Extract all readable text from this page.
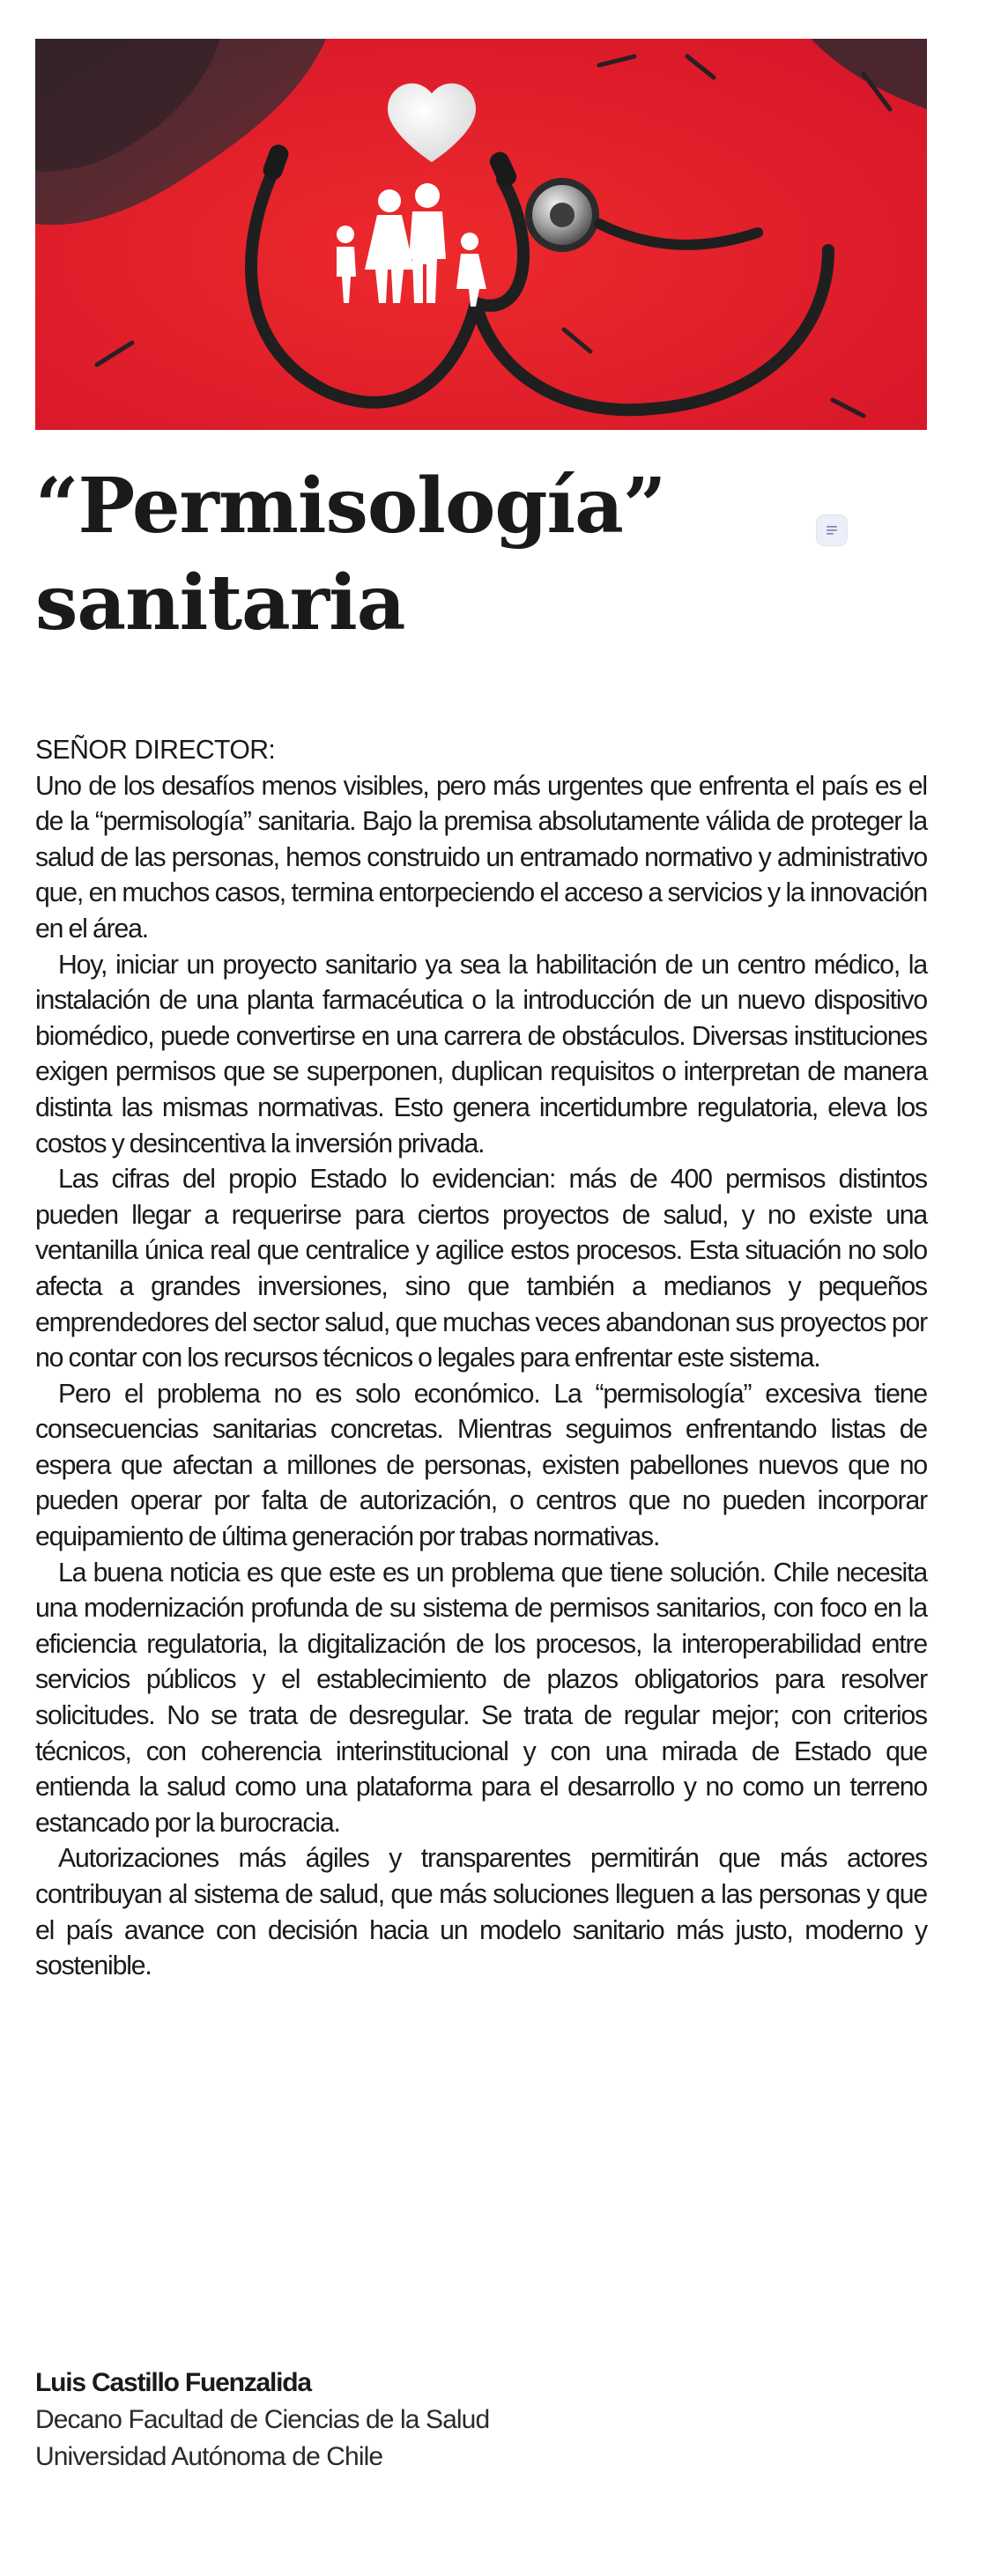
“Permisología”
sanitaria

SEÑOR DIRECTOR:

Uno de los desafíos menos visibles, pero más urgentes que enfrenta el país es el de la “permisología” sanitaria. Bajo la premisa absolutamente válida de proteger la salud de las personas, hemos construido un entramado normativo y administrativo que, en muchos casos, termina entorpeciendo el acceso a servicios y la innovación en el área.

Hoy, iniciar un proyecto sanitario ya sea la habilitación de un centro médico, la instalación de una planta farmacéutica o la introducción de un nuevo dispositivo biomédico, puede convertirse en una carrera de obstáculos. Diversas instituciones exigen permisos que se superponen, duplican requisitos o interpretan de manera distinta las mismas normativas. Esto genera incertidumbre regulatoria, eleva los costos y desincentiva la inversión privada.

Las cifras del propio Estado lo evidencian: más de 400 permisos distintos pueden llegar a requerirse para ciertos proyectos de salud, y no existe una ventanilla única real que centralice y agilice estos procesos. Esta situación no solo afecta a grandes inversiones, sino que también a medianos y pequeños emprendedores del sector salud, que muchas veces abandonan sus proyectos por no contar con los recursos técnicos o legales para enfrentar este sistema.

Pero el problema no es solo económico. La “permisología” excesiva tiene consecuencias sanitarias concretas. Mientras seguimos enfrentando listas de espera que afectan a millones de personas, existen pabellones nuevos que no pueden operar por falta de autorización, o centros que no pueden incorporar equipamiento de última generación por trabas normativas.

La buena noticia es que este es un problema que tiene solución. Chile necesita una modernización profunda de su sistema de permisos sanitarios, con foco en la eficiencia regulatoria, la digitalización de los procesos, la interoperabilidad entre servicios públicos y el establecimiento de plazos obligatorios para resolver solicitudes. No se trata de desregular. Se trata de regular mejor; con criterios técnicos, con coherencia interinstitucional y con una mirada de Estado que entienda la salud como una plataforma para el desarrollo y no como un terreno estancado por la burocracia.

Autorizaciones más ágiles y transparentes permitirán que más actores contribuyan al sistema de salud, que más soluciones lleguen a las personas y que el país avance con decisión hacia un modelo sanitario más justo, moderno y sostenible.

Luis Castillo Fuenzalida

Decano Facultad de Ciencias de la Salud

Universidad Autónoma de Chile
